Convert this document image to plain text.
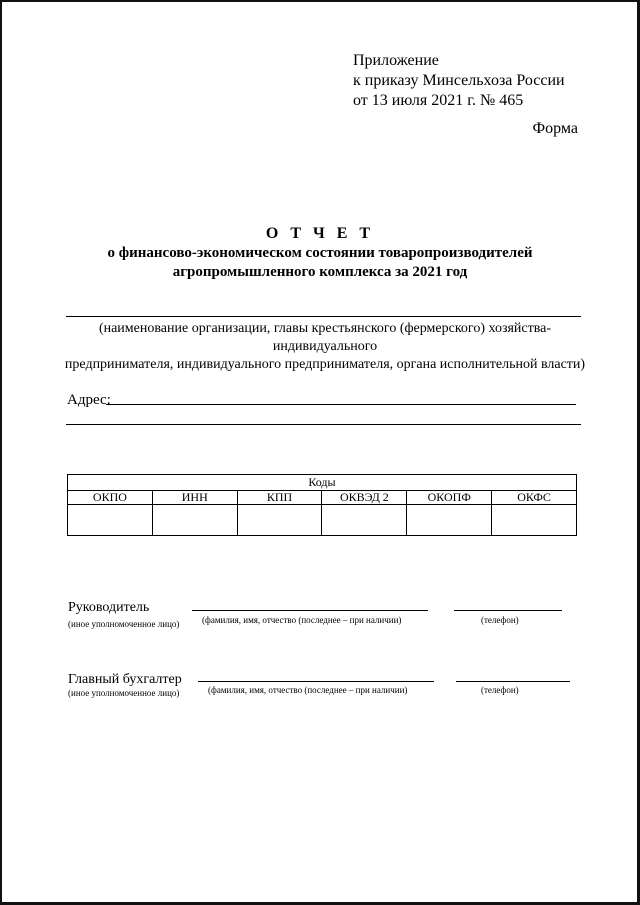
Приложение
к приказу Минсельхоза России
от 13 июля 2021 г. № 465
Форма
О Т Ч Е Т
о финансово-экономическом состоянии товаропроизводителей
агропромышленного комплекса за 2021 год
(наименование организации, главы крестьянского (фермерского) хозяйства-индивидуального
предпринимателя, индивидуального предпринимателя, органа исполнительной власти)
Адрес:
Коды					
ОКПО	ИНН	КПП	ОКВЭД 2	ОКОПФ	ОКФС

Руководитель
(иное уполномоченное лицо)	(фамилия, имя, отчество (последнее – при наличии)	(телефон)
Главный бухгалтер
(иное уполномоченное лицо)	(фамилия, имя, отчество (последнее – при наличии)	(телефон)
